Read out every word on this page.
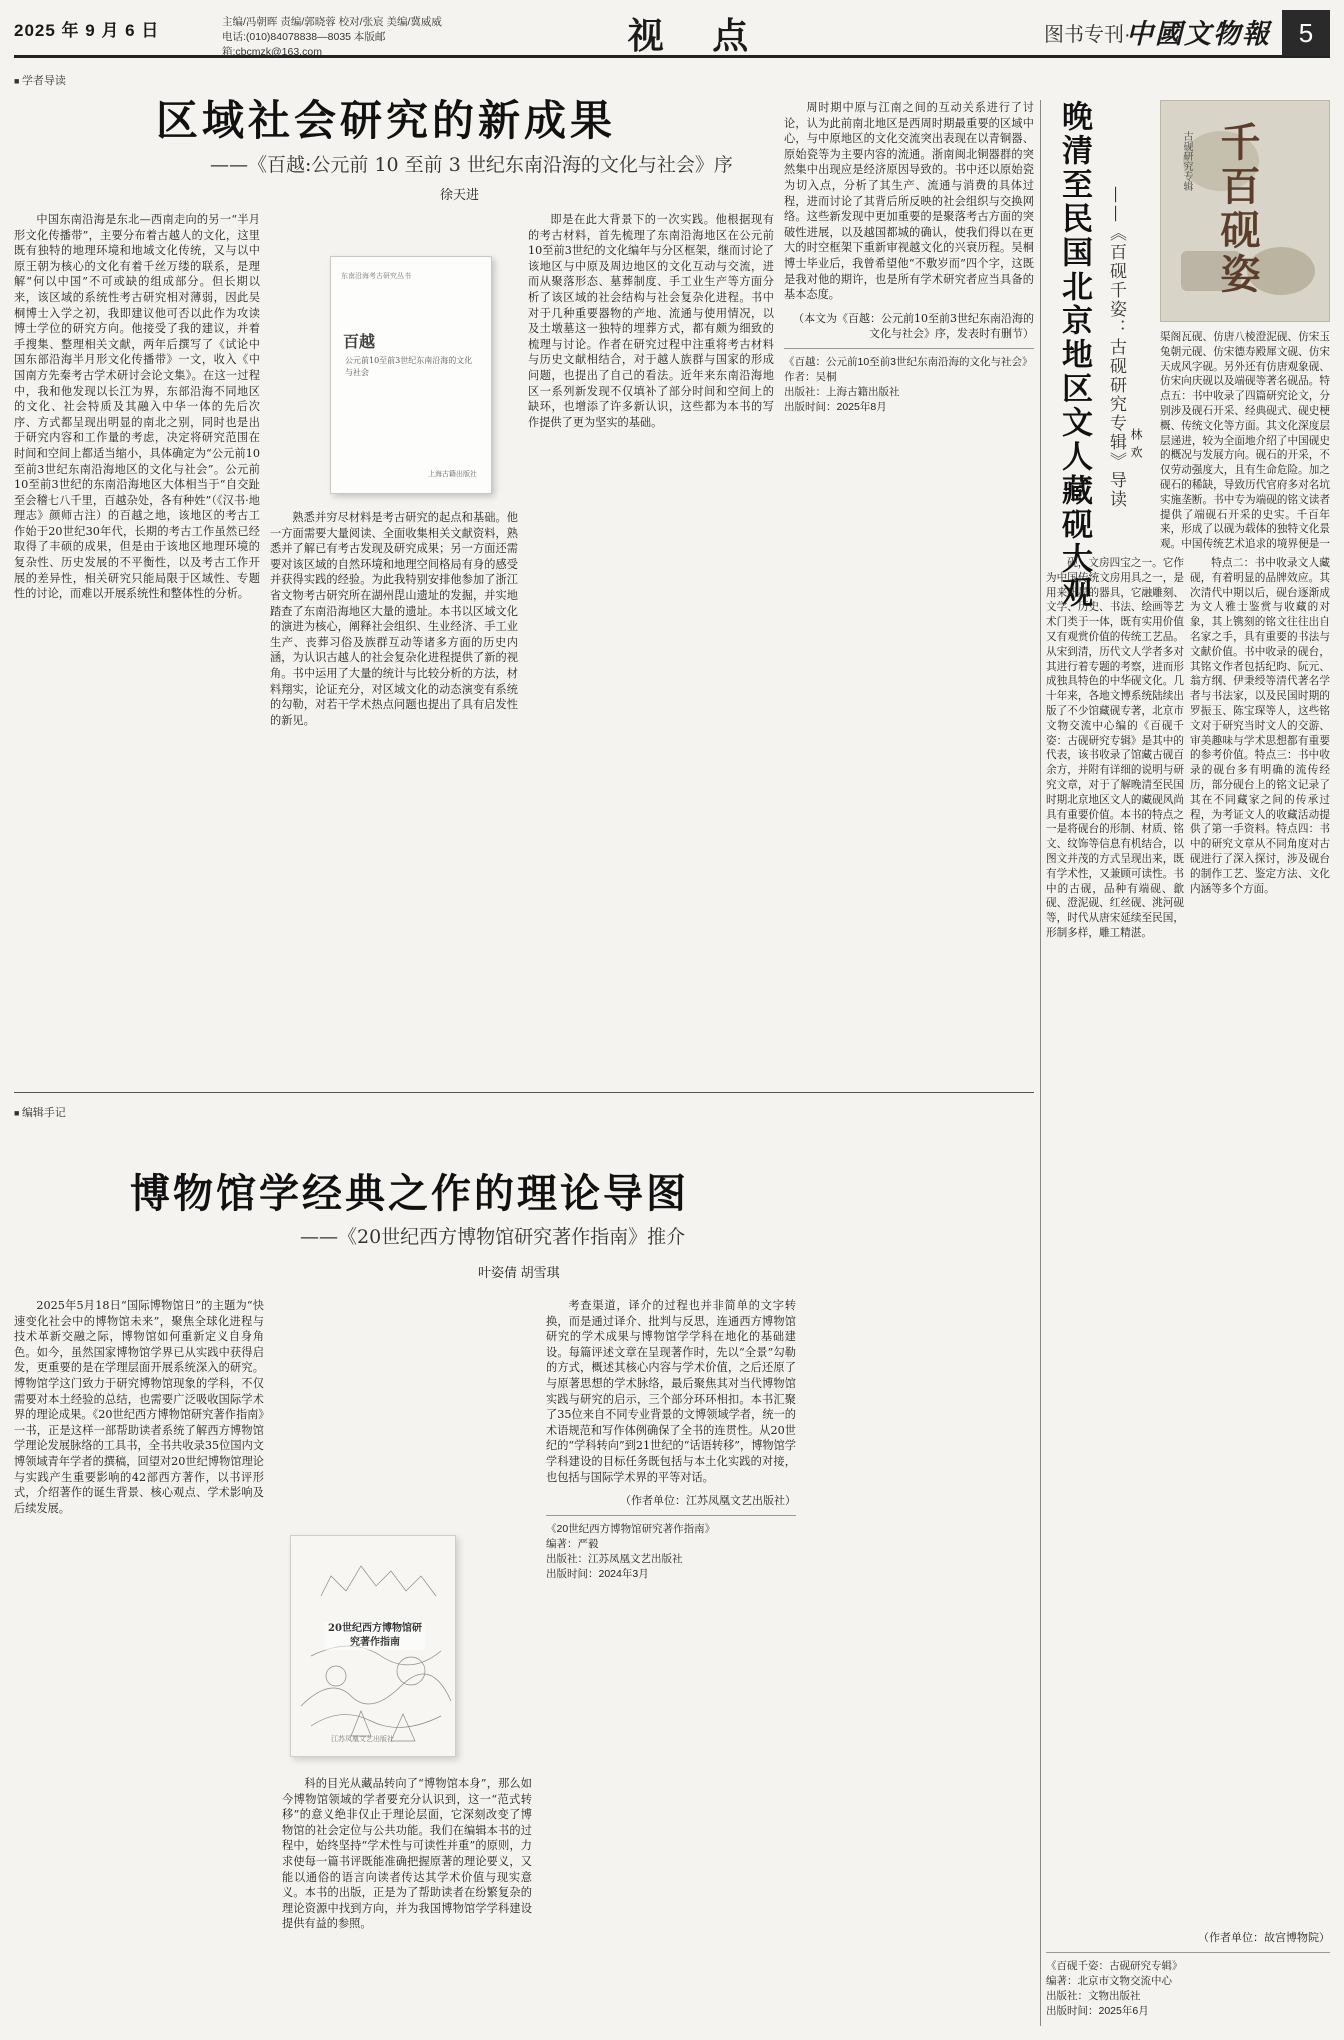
2025 年 9 月 6 日	主编/冯朝晖 责编/郭晓蓉 校对/张宸 美编/冀威威
电话:(010)84078838—8035 本版邮箱:cbcmzk@163.com	视 点	图书专刊·
中國文物報	5
■ 学者导读
区域社会研究的新成果
——《百越:公元前 10 至前 3 世纪东南沿海的文化与社会》序
徐天进

中国东南沿海是东北—西南走向的另一“半月形文化传播带”，主要分布着古越人的文化，这里既有独特的地理环境和地域文化传统，又与以中原王朝为核心的文化有着千丝万缕的联系，是理解“何以中国”不可或缺的组成部分。但长期以来，该区域的系统性考古研究相对薄弱，因此吴桐博士入学之初，我即建议他可否以此作为攻读博士学位的研究方向。他接受了我的建议，并着手搜集、整理相关文献，两年后撰写了《试论中国东部沿海半月形文化传播带》一文，收入《中国南方先秦考古学术研讨会论文集》。在这一过程中，我和他发现以长江为界，东部沿海不同地区的文化、社会特质及其融入中华一体的先后次序、方式都呈现出明显的南北之别，同时也是出于研究内容和工作量的考虑，决定将研究范围在时间和空间上都适当缩小，具体确定为“公元前10至前3世纪东南沿海地区的文化与社会”。公元前10至前3世纪的东南沿海地区大体相当于“自交趾至会稽七八千里，百越杂处，各有种姓”（《汉书·地理志》颜师古注）的百越之地，该地区的考古工作始于20世纪30年代，长期的考古工作虽然已经取得了丰硕的成果，但是由于该地区地理环境的复杂性、历史发展的不平衡性，以及考古工作开展的差异性，相关研究只能局限于区域性、专题性的讨论，而难以开展系统性和整体性的分析。

熟悉并穷尽材料是考古研究的起点和基础。他一方面需要大量阅读、全面收集相关文献资料，熟悉并了解已有考古发现及研究成果；另一方面还需要对该区域的自然环境和地理空间格局有身的感受并获得实践的经验。为此我特别安排他参加了浙江省文物考古研究所在湖州毘山遗址的发掘，并实地踏查了东南沿海地区大量的遗址。本书以区域文化的演进为核心，阐释社会组织、生业经济、手工业生产、丧葬习俗及族群互动等诸多方面的历史内涵，为认识古越人的社会复杂化进程提供了新的视角。书中运用了大量的统计与比较分析的方法，材料翔实，论证充分，对区域文化的动态演变有系统的勾勒，对若干学术热点问题也提出了具有启发性的新见。

即是在此大背景下的一次实践。他根据现有的考古材料，首先梳理了东南沿海地区在公元前10至前3世纪的文化编年与分区框架，继而讨论了该地区与中原及周边地区的文化互动与交流，进而从聚落形态、墓葬制度、手工业生产等方面分析了该区域的社会结构与社会复杂化进程。书中对于几种重要器物的产地、流通与使用情况，以及土墩墓这一独特的埋葬方式，都有颇为细致的梳理与讨论。作者在研究过程中注重将考古材料与历史文献相结合，对于越人族群与国家的形成问题，也提出了自己的看法。近年来东南沿海地区一系列新发现不仅填补了部分时间和空间上的缺环，也增添了许多新认识，这些都为本书的写作提供了更为坚实的基础。

周时期中原与江南之间的互动关系进行了讨论，认为此前南北地区是西周时期最重要的区域中心，与中原地区的文化交流突出表现在以青铜器、原始瓷等为主要内容的流通。浙南闽北铜器群的突然集中出现应是经济原因导致的。书中还以原始瓷为切入点，分析了其生产、流通与消费的具体过程，进而讨论了其背后所反映的社会组织与交换网络。这些新发现中更加重要的是聚落考古方面的突破性进展，以及越国都城的确认，使我们得以在更大的时空框架下重新审视越文化的兴衰历程。吴桐博士毕业后，我曾希望他“不敷岁而”四个字，这既是我对他的期许，也是所有学术研究者应当具备的基本态度。

（本文为《百越：公元前10至前3世纪东南沿海的文化与社会》序，发表时有删节）

《百越：公元前10至前3世纪东南沿海的文化与社会》
作者：吴桐
出版社：上海古籍出版社
出版时间：2025年8月
东南沿海考古研究丛书
百越
公元前10至前3世纪东南沿海的文化与社会
上海古籍出版社
■ 编辑手记
博物馆学经典之作的理论导图
——《20世纪西方博物馆研究著作指南》推介
叶姿倩 胡雪琪

2025年5月18日“国际博物馆日”的主题为“快速变化社会中的博物馆未来”，聚焦全球化进程与技术革新交融之际，博物馆如何重新定义自身角色。如今，虽然国家博物馆学界已从实践中获得启发，更重要的是在学理层面开展系统深入的研究。博物馆学这门致力于研究博物馆现象的学科，不仅需要对本土经验的总结，也需要广泛吸收国际学术界的理论成果。《20世纪西方博物馆研究著作指南》一书，正是这样一部帮助读者系统了解西方博物馆学理论发展脉络的工具书，全书共收录35位国内文博领域青年学者的撰稿，回望对20世纪博物馆理论与实践产生重要影响的42部西方著作，以书评形式，介绍著作的诞生背景、核心观点、学术影响及后续发展。

科的目光从藏品转向了“博物馆本身”，那么如今博物馆领域的学者要充分认识到，这一“范式转移”的意义绝非仅止于理论层面，它深刻改变了博物馆的社会定位与公共功能。我们在编辑本书的过程中，始终坚持“学术性与可读性并重”的原则，力求使每一篇书评既能准确把握原著的理论要义，又能以通俗的语言向读者传达其学术价值与现实意义。本书的出版，正是为了帮助读者在纷繁复杂的理论资源中找到方向，并为我国博物馆学学科建设提供有益的参照。

考查渠道，译介的过程也并非简单的文字转换，而是通过译介、批判与反思，连通西方博物馆研究的学术成果与博物馆学学科在地化的基础建设。每篇评述文章在呈现著作时，先以“全景”勾勒的方式，概述其核心内容与学术价值，之后还原了与原著思想的学术脉络，最后聚焦其对当代博物馆实践与研究的启示，三个部分环环相扣。本书汇聚了35位来自不同专业背景的文博领域学者，统一的术语规范和写作体例确保了全书的连贯性。从20世纪的“学科转向”到21世纪的“话语转移”，博物馆学学科建设的目标任务既包括与本土化实践的对接，也包括与国际学术界的平等对话。

（作者单位：江苏凤凰文艺出版社）

《20世纪西方博物馆研究著作指南》
编著：严毅
出版社：江苏凤凰文艺出版社
出版时间：2024年3月
20世纪西方博物馆研究著作指南
江苏凤凰文艺出版社
晚清至民国北京地区文人藏砚大观 ——《百砚千姿：古砚研究专辑》导读 林欢
古砚研究专辑 千百砚姿

砚，文房四宝之一。它作为中国传统文房用具之一，是用来研墨的器具，它融雕刻、文学、历史、书法、绘画等艺术门类于一体，既有实用价值又有观赏价值的传统工艺品。从宋到清，历代文人学者多对其进行着专题的考察，进而形成独具特色的中华砚文化。几十年来，各地文博系统陆续出版了不少馆藏砚专著，北京市文物交流中心编的《百砚千姿：古砚研究专辑》是其中的代表，该书收录了馆藏古砚百余方，并附有详细的说明与研究文章，对于了解晚清至民国时期北京地区文人的藏砚风尚具有重要价值。本书的特点之一是将砚台的形制、材质、铭文、纹饰等信息有机结合，以图文并茂的方式呈现出来，既有学术性，又兼顾可读性。书中的古砚，品种有端砚、歙砚、澄泥砚、红丝砚、洮河砚等，时代从唐宋延续至民国，形制多样，雕工精湛。

特点二：书中收录文人藏砚，有着明显的品牌效应。其次清代中期以后，砚台逐渐成为文人雅士鉴赏与收藏的对象，其上镌刻的铭文往往出自名家之手，具有重要的书法与文献价值。书中收录的砚台，其铭文作者包括纪昀、阮元、翁方纲、伊秉绶等清代著名学者与书法家，以及民国时期的罗振玉、陈宝琛等人，这些铭文对于研究当时文人的交游、审美趣味与学术思想都有重要的参考价值。特点三：书中收录的砚台多有明确的流传经历，部分砚台上的铭文记录了其在不同藏家之间的传承过程，为考证文人的收藏活动提供了第一手资料。特点四：书中的研究文章从不同角度对古砚进行了深入探讨，涉及砚台的制作工艺、鉴定方法、文化内涵等多个方面。

渠阁瓦砚、仿唐八棱澄泥砚、仿宋玉兔朝元砚、仿宋德寿殿犀文砚、仿宋天成风字砚。另外还有仿唐观象砚、仿宋向庆砚以及端砚等著名砚品。特点五：书中收录了四篇研究论文，分别涉及砚石开采、经典砚式、砚史梗概、传统文化等方面。其文化深度层层递进，较为全面地介绍了中国砚史的概况与发展方向。砚石的开采，不仅劳动强度大，且有生命危险。加之砚石的稀缺，导致历代官府多对名坑实施垄断。书中专为端砚的铭文读者提供了端砚石开采的史实。千百年来，形成了以砚为载体的独特文化景观。中国传统艺术追求的境界便是一

（作者单位：故宫博物院）

《百砚千姿：古砚研究专辑》
编著：北京市文物交流中心
出版社：文物出版社
出版时间：2025年6月
